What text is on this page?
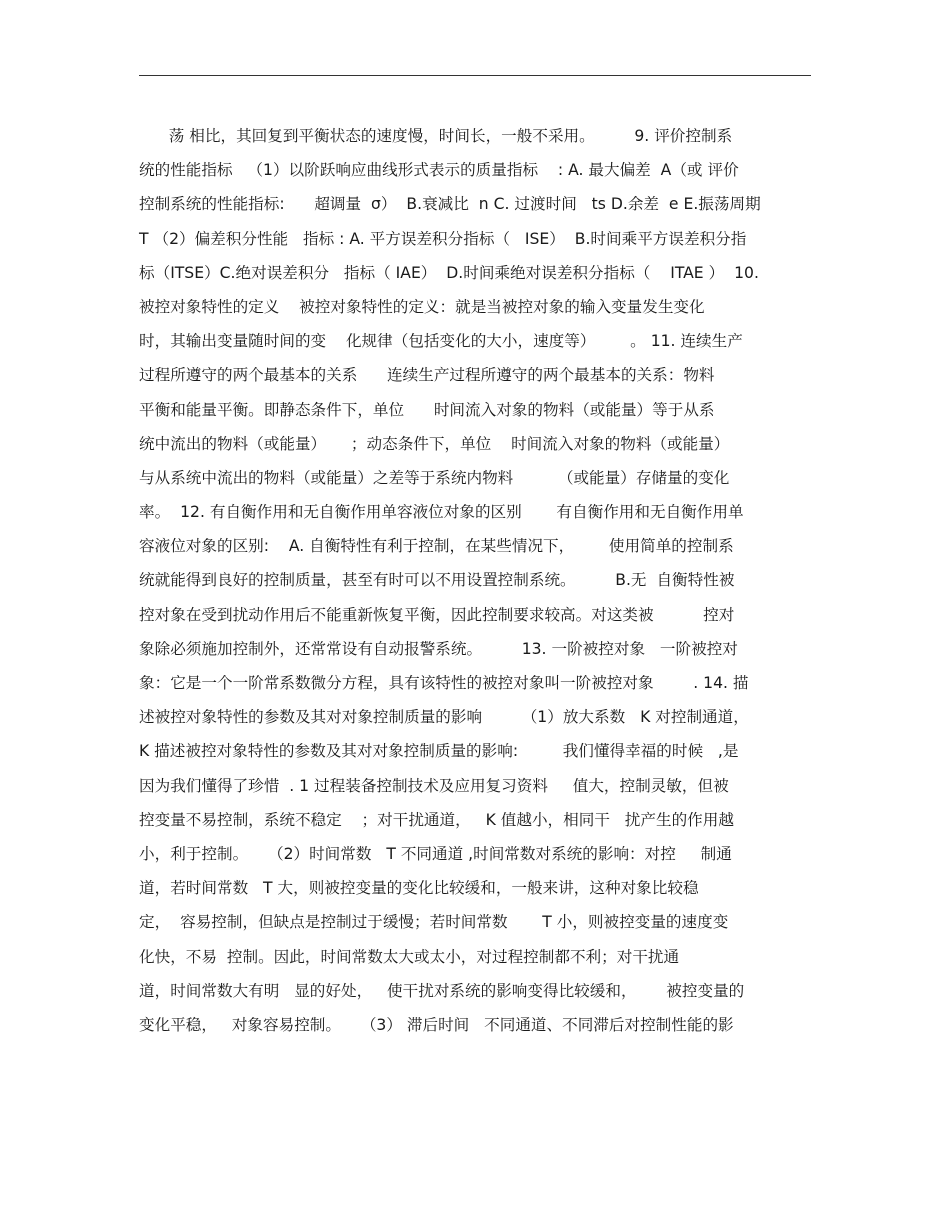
荡 相比，其回复到平衡状态的速度慢，时间长，一般不采用。        9. 评价控制系
统的性能指标   （1）以阶跃响应曲线形式表示的质量指标    : A. 最大偏差  A（或 评价
控制系统的性能指标:      超调量  σ）  B.衰减比  n C. 过渡时间   ts D.余差  e E.振荡周期
T （2）偏差积分性能   指标 : A. 平方误差积分指标（   ISE）  B.时间乘平方误差积分指
标（ITSE）C.绝对误差积分   指标（ IAE）  D.时间乘绝对误差积分指标（    ITAE ）  10.
被控对象特性的定义    被控对象特性的定义：就是当被控对象的输入变量发生变化
时，其输出变量随时间的变    化规律（包括变化的大小，速度等）       。 11. 连续生产
过程所遵守的两个最基本的关系      连续生产过程所遵守的两个最基本的关系：物料
平衡和能量平衡。即静态条件下，单位      时间流入对象的物料（或能量）等于从系
统中流出的物料（或能量）     ；动态条件下，单位    时间流入对象的物料（或能量）
与从系统中流出的物料（或能量）之差等于系统内物料         （或能量）存储量的变化
率。  12. 有自衡作用和无自衡作用单容液位对象的区别       有自衡作用和无自衡作用单
容液位对象的区别:    A. 自衡特性有利于控制，在某些情况下，       使用简单的控制系
统就能得到良好的控制质量，甚至有时可以不用设置控制系统。        B.无  自衡特性被
控对象在受到扰动作用后不能重新恢复平衡，因此控制要求较高。对这类被          控对
象除必须施加控制外，还常常设有自动报警系统。        13. 一阶被控对象   一阶被控对
象：它是一个一阶常系数微分方程，具有该特性的被控对象叫一阶被控对象        . 14. 描
述被控对象特性的参数及其对对象控制质量的影响        （1）放大系数   K 对控制通道，
K 描述被控对象特性的参数及其对对象控制质量的影响:         我们懂得幸福的时候   ,是
因为我们懂得了珍惜  . 1 过程装备控制技术及应用复习资料     值大，控制灵敏，但被
控变量不易控制，系统不稳定    ；对干扰通道，   K 值越小，相同干   扰产生的作用越
小，利于控制。    （2）时间常数   T 不同通道 ,时间常数对系统的影响：对控     制通
道，若时间常数   T 大，则被控变量的变化比较缓和，一般来讲，这种对象比较稳
定，  容易控制，但缺点是控制过于缓慢；若时间常数       T 小，则被控变量的速度变
化快，不易  控制。因此，时间常数太大或太小，对过程控制都不利；对干扰通
道，时间常数大有明   显的好处，   使干扰对系统的影响变得比较缓和，      被控变量的
变化平稳，   对象容易控制。    （3） 滞后时间   不同通道、不同滞后对控制性能的影
